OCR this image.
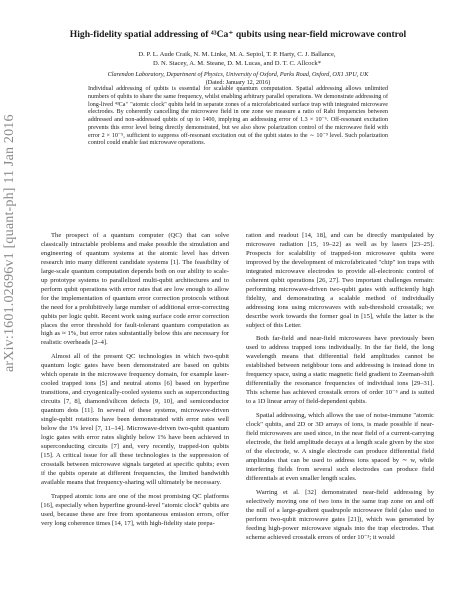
arXiv:1601.02696v1 [quant-ph] 11 Jan 2016
High-fidelity spatial addressing of ⁴³Ca⁺ qubits using near-field microwave control
D. P. L. Aude Craik, N. M. Linke, M. A. Sepiol, T. P. Harty, C. J. Ballance,
D. N. Stacey, A. M. Steane, D. M. Lucas, and D. T. C. Allcock*
Clarendon Laboratory, Department of Physics, University of Oxford, Parks Road, Oxford, OX1 3PU, UK
(Dated: January 12, 2016)
Individual addressing of qubits is essential for scalable quantum computation. Spatial addressing allows unlimited numbers of qubits to share the same frequency, whilst enabling arbitrary parallel operations. We demonstrate addressing of long-lived ⁴³Ca⁺ "atomic clock" qubits held in separate zones of a microfabricated surface trap with integrated microwave electrodes. By coherently cancelling the microwave field in one zone we measure a ratio of Rabi frequencies between addressed and non-addressed qubits of up to 1400, implying an addressing error of 1.3 × 10⁻⁶. Off-resonant excitation prevents this error level being directly demonstrated, but we also show polarization control of the microwave field with error 2 × 10⁻⁵, sufficient to suppress off-resonant excitation out of the qubit states to the ∼ 10⁻⁹ level. Such polarization control could enable fast microwave operations.

The prospect of a quantum computer (QC) that can solve classically intractable problems and make possible the simulation and engineering of quantum systems at the atomic level has driven research into many different candidate systems [1]. The feasibility of large-scale quantum computation depends both on our ability to scale-up prototype systems to parallelized multi-qubit architectures and to perform qubit operations with error rates that are low enough to allow for the implementation of quantum error correction protocols without the need for a prohibitively large number of additional error-correcting qubits per logic qubit. Recent work using surface code error correction places the error threshold for fault-tolerant quantum computation as high as ≈ 1%, but error rates substantially below this are necessary for realistic overheads [2–4].

Almost all of the present QC technologies in which two-qubit quantum logic gates have been demonstrated are based on qubits which operate in the microwave frequency domain, for example laser-cooled trapped ions [5] and neutral atoms [6] based on hyperfine transitions, and cryogenically-cooled systems such as superconducting circuits [7, 8], diamond/silicon defects [9, 10], and semiconductor quantum dots [11]. In several of these systems, microwave-driven single-qubit rotations have been demonstrated with error rates well below the 1% level [7, 11–14]. Microwave-driven two-qubit quantum logic gates with error rates slightly below 1% have been achieved in superconducting circuits [7] and, very recently, trapped-ion qubits [15]. A critical issue for all these technologies is the suppression of crosstalk between microwave signals targeted at specific qubits; even if the qubits operate at different frequencies, the limited bandwidth available means that frequency-sharing will ultimately be necessary.

Trapped atomic ions are one of the most promising QC platforms [16], especially when hyperfine ground-level "atomic clock" qubits are used, because these are free from spontaneous emission errors, offer very long coherence times [14, 17], with high-fidelity state prepa-

ration and readout [14, 18], and can be directly manipulated by microwave radiation [15, 19–22] as well as by lasers [23–25]. Prospects for scalability of trapped-ion microwave qubits were improved by the development of microfabricated "chip" ion traps with integrated microwave electrodes to provide all-electronic control of coherent qubit operations [26, 27]. Two important challenges remain: performing microwave-driven two-qubit gates with sufficiently high fidelity, and demonstrating a scalable method of individually addressing ions using microwaves with sub-threshold crosstalk; we describe work towards the former goal in [15], while the latter is the subject of this Letter.

Both far-field and near-field microwaves have previously been used to address trapped ions individually. In the far field, the long wavelength means that differential field amplitudes cannot be established between neighbour ions and addressing is instead done in frequency space, using a static magnetic field gradient to Zeeman-shift differentially the resonance frequencies of individual ions [29–31]. This scheme has achieved crosstalk errors of order 10⁻⁵ and is suited to a 1D linear array of field-dependent qubits.

Spatial addressing, which allows the use of noise-immune "atomic clock" qubits, and 2D or 3D arrays of ions, is made possible if near-field microwaves are used since, in the near field of a current-carrying electrode, the field amplitude decays at a length scale given by the size of the electrode, w. A single electrode can produce differential field amplitudes that can be used to address ions spaced by ∼ w, while interfering fields from several such electrodes can produce field differentials at even smaller length scales.

Warring et al. [32] demonstrated near-field addressing by selectively moving one of two ions in the same trap zone on and off the null of a large-gradient quadrupole microwave field (also used to perform two-qubit microwave gates [21]), which was generated by feeding high-power microwave signals into the trap electrodes. That scheme achieved crosstalk errors of order 10⁻³; it would
